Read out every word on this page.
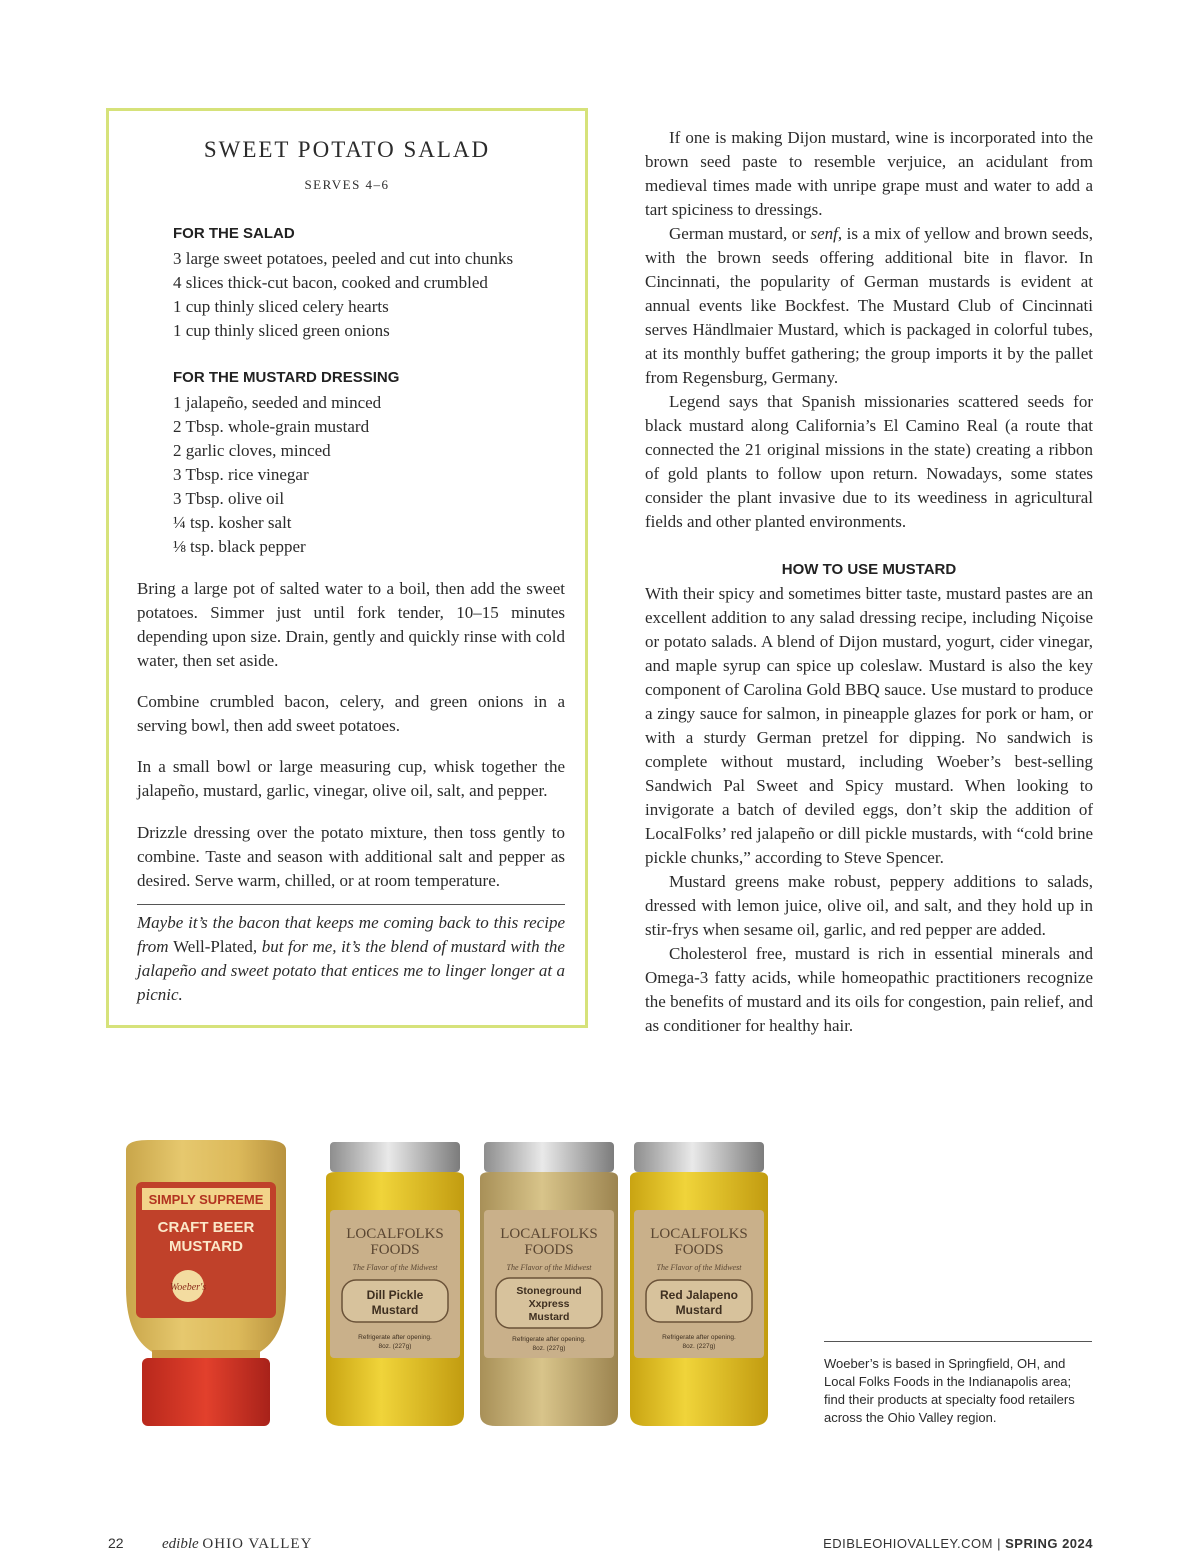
SWEET POTATO SALAD
SERVES 4–6
FOR THE SALAD
3 large sweet potatoes, peeled and cut into chunks
4 slices thick-cut bacon, cooked and crumbled
1 cup thinly sliced celery hearts
1 cup thinly sliced green onions
FOR THE MUSTARD DRESSING
1 jalapeño, seeded and minced
2 Tbsp. whole-grain mustard
2 garlic cloves, minced
3 Tbsp. rice vinegar
3 Tbsp. olive oil
¼ tsp. kosher salt
⅛ tsp. black pepper

Bring a large pot of salted water to a boil, then add the sweet potatoes. Simmer just until fork tender, 10–15 minutes depending upon size. Drain, gently and quickly rinse with cold water, then set aside.

Combine crumbled bacon, celery, and green onions in a serving bowl, then add sweet potatoes.

In a small bowl or large measuring cup, whisk together the jalapeño, mustard, garlic, vinegar, olive oil, salt, and pepper.

Drizzle dressing over the potato mixture, then toss gently to combine. Taste and season with additional salt and pepper as desired. Serve warm, chilled, or at room temperature.

Maybe it’s the bacon that keeps me coming back to this recipe from Well-Plated, but for me, it’s the blend of mustard with the jalapeño and sweet potato that entices me to linger longer at a picnic.

If one is making Dijon mustard, wine is incorporated into the brown seed paste to resemble verjuice, an acidulant from medieval times made with unripe grape must and water to add a tart spiciness to dressings.

German mustard, or senf, is a mix of yellow and brown seeds, with the brown seeds offering additional bite in flavor. In Cincinnati, the popularity of German mustards is evident at annual events like Bockfest. The Mustard Club of Cincinnati serves Händlmaier Mustard, which is packaged in colorful tubes, at its monthly buffet gathering; the group imports it by the pallet from Regensburg, Germany.

Legend says that Spanish missionaries scattered seeds for black mustard along California’s El Camino Real (a route that connected the 21 original missions in the state) creating a ribbon of gold plants to follow upon return. Nowadays, some states consider the plant invasive due to its weediness in agricultural fields and other planted environments.

HOW TO USE MUSTARD

With their spicy and sometimes bitter taste, mustard pastes are an excellent addition to any salad dressing recipe, including Niçoise or potato salads. A blend of Dijon mustard, yogurt, cider vinegar, and maple syrup can spice up coleslaw. Mustard is also the key component of Carolina Gold BBQ sauce. Use mustard to produce a zingy sauce for salmon, in pineapple glazes for pork or ham, or with a sturdy German pretzel for dipping. No sandwich is complete without mustard, including Woeber’s best-selling Sandwich Pal Sweet and Spicy mustard. When looking to invigorate a batch of deviled eggs, don’t skip the addition of LocalFolks’ red jalapeño or dill pickle mustards, with “cold brine pickle chunks,” according to Steve Spencer.

Mustard greens make robust, peppery additions to salads, dressed with lemon juice, olive oil, and salt, and they hold up in stir-frys when sesame oil, garlic, and red pepper are added.

Cholesterol free, mustard is rich in essential minerals and Omega-3 fatty acids, while homeopathic practitioners recognize the benefits of mustard and its oils for congestion, pain relief, and as conditioner for healthy hair.

SIMPLY SUPREME
CRAFT BEER
MUSTARD
Woeber's
LOCALFOLKS
FOODS
The Flavor of the Midwest
Dill Pickle
Mustard
Refrigerate after opening.
8oz. (227g)
LOCALFOLKS
FOODS
The Flavor of the Midwest
Stoneground
Xxpress
Mustard
Refrigerate after opening.
8oz. (227g)
LOCALFOLKS
FOODS
The Flavor of the Midwest
Red Jalapeno
Mustard
Refrigerate after opening.
8oz. (227g)

Woeber’s is based in Springfield, OH, and Local Folks Foods in the Indianapolis area; find their products at specialty food retailers across the Ohio Valley region.

22	edible OHIO VALLEY	EDIBLEOHIOVALLEY.COM | SPRING 2024
